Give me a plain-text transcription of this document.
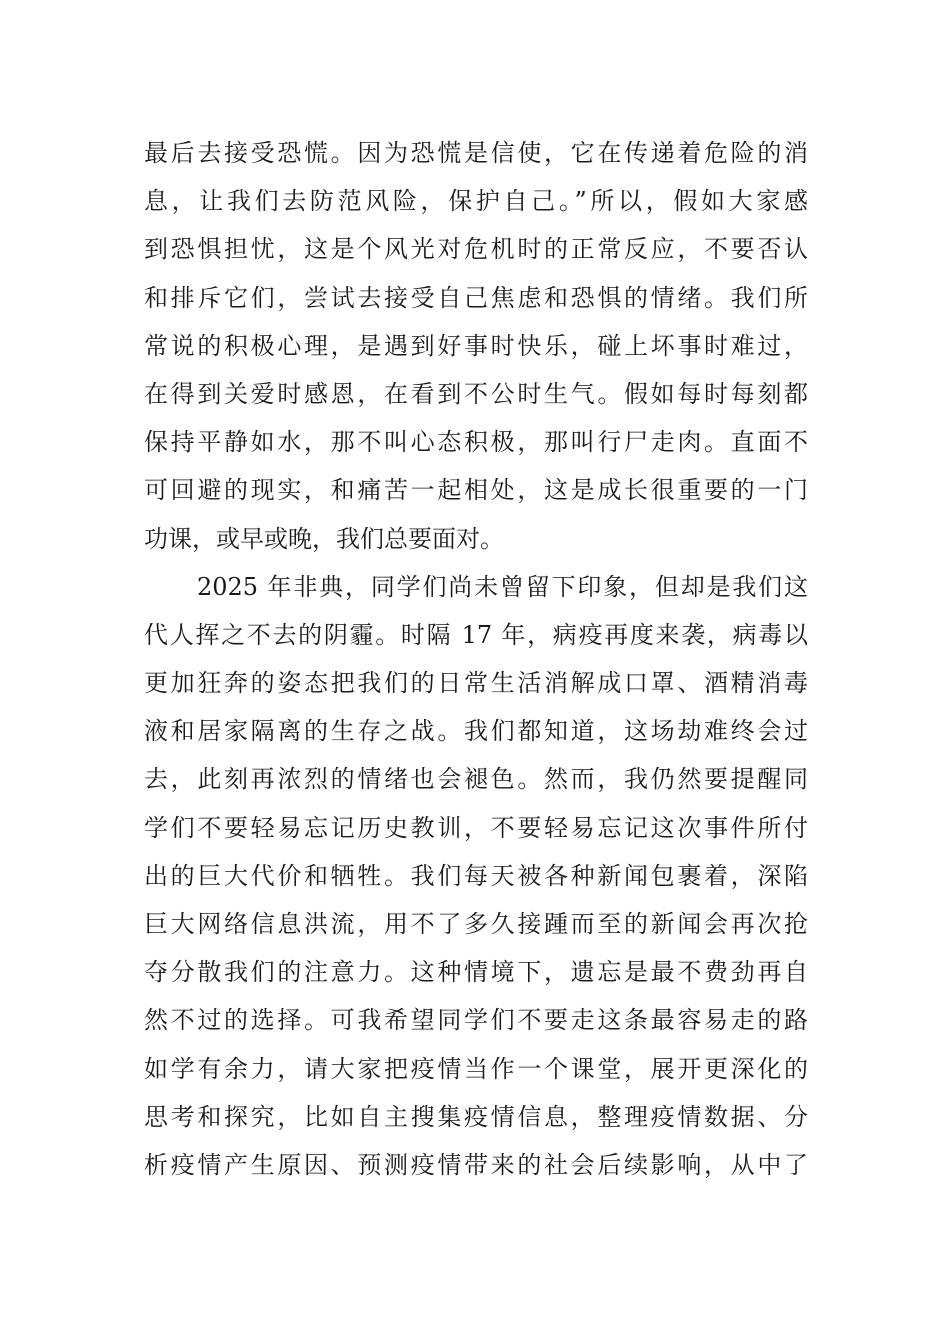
最后去接受恐慌。因为恐慌是信使，它在传递着危险的消
息，让我们去防范风险，保护自己。”所以，假如大家感
到恐惧担忧，这是个风光对危机时的正常反应，不要否认
和排斥它们，尝试去接受自己焦虑和恐惧的情绪。我们所
常说的积极心理，是遇到好事时快乐，碰上坏事时难过，
在得到关爱时感恩，在看到不公时生气。假如每时每刻都
保持平静如水，那不叫心态积极，那叫行尸走肉。直面不
可回避的现实，和痛苦一起相处，这是成长很重要的一门
功课，或早或晚，我们总要面对。
2025 年非典，同学们尚未曾留下印象，但却是我们这
代人挥之不去的阴霾。时隔 17 年，病疫再度来袭，病毒以
更加狂奔的姿态把我们的日常生活消解成口罩、酒精消毒
液和居家隔离的生存之战。我们都知道，这场劫难终会过
去，此刻再浓烈的情绪也会褪色。然而，我仍然要提醒同
学们不要轻易忘记历史教训，不要轻易忘记这次事件所付
出的巨大代价和牺牲。我们每天被各种新闻包裹着，深陷
巨大网络信息洪流，用不了多久接踵而至的新闻会再次抢
夺分散我们的注意力。这种情境下，遗忘是最不费劲再自
然不过的选择。可我希望同学们不要走这条最容易走的路
如学有余力，请大家把疫情当作一个课堂，展开更深化的
思考和探究，比如自主搜集疫情信息，整理疫情数据、分
析疫情产生原因、预测疫情带来的社会后续影响，从中了
